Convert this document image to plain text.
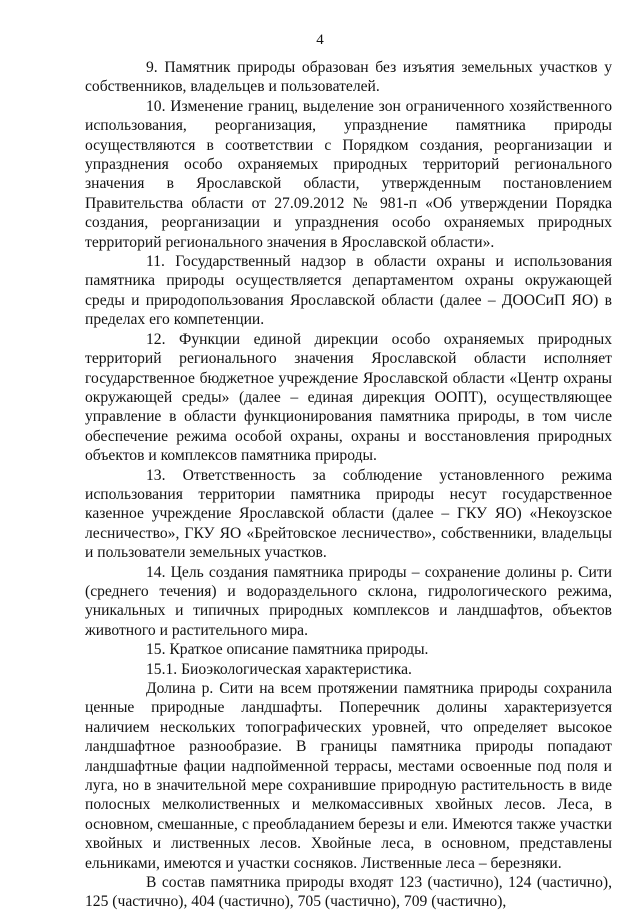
4

9. Памятник природы образован без изъятия земельных участков у собственников, владельцев и пользователей.

10. Изменение границ, выделение зон ограниченного хозяйственного использования, реорганизация, упразднение памятника природы осуществляются в соответствии с Порядком создания, реорганизации и упразднения особо охраняемых природных территорий регионального значения в Ярославской области, утвержденным постановлением Правительства области от 27.09.2012 № 981-п «Об утверждении Порядка создания, реорганизации и упразднения особо охраняемых природных территорий регионального значения в Ярославской области».

11. Государственный надзор в области охраны и использования памятника природы осуществляется департаментом охраны окружающей среды и природопользования Ярославской области (далее – ДООСиП ЯО) в пределах его компетенции.

12. Функции единой дирекции особо охраняемых природных территорий регионального значения Ярославской области исполняет государственное бюджетное учреждение Ярославской области «Центр охраны окружающей среды» (далее – единая дирекция ООПТ), осуществляющее управление в области функционирования памятника природы, в том числе обеспечение режима особой охраны, охраны и восстановления природных объектов и комплексов памятника природы.

13. Ответственность за соблюдение установленного режима использования территории памятника природы несут государственное казенное учреждение Ярославской области (далее – ГКУ ЯО) «Некоузское лесничество», ГКУ ЯО «Брейтовское лесничество», собственники, владельцы и пользователи земельных участков.

14. Цель создания памятника природы – сохранение долины р. Сити (среднего течения) и водораздельного склона, гидрологического режима, уникальных и типичных природных комплексов и ландшафтов, объектов животного и растительного мира.

15. Краткое описание памятника природы.

15.1. Биоэкологическая характеристика.

Долина р. Сити на всем протяжении памятника природы сохранила ценные природные ландшафты. Поперечник долины характеризуется наличием нескольких топографических уровней, что определяет высокое ландшафтное разнообразие. В границы памятника природы попадают ландшафтные фации надпойменной террасы, местами освоенные под поля и луга, но в значительной мере сохранившие природную растительность в виде полосных мелколиственных и мелкомассивных хвойных лесов. Леса, в основном, смешанные, с преобладанием березы и ели. Имеются также участки хвойных и лиственных лесов. Хвойные леса, в основном, представлены ельниками, имеются и участки сосняков. Лиственные леса – березняки.

В состав памятника природы входят 123 (частично), 124 (частично), 125 (частично), 404 (частично), 705 (частично), 709 (частично),
